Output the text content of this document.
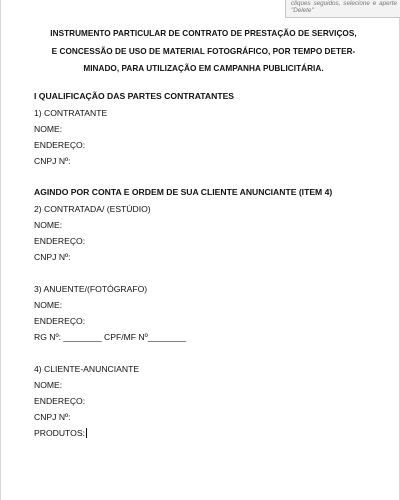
cliques seguidos, selecione e aperte "Delete"
INSTRUMENTO PARTICULAR DE CONTRATO DE PRESTAÇÃO DE SERVIÇOS,
E CONCESSÃO DE USO DE MATERIAL FOTOGRÁFICO, POR TEMPO DETER-
MINADO, PARA UTILIZAÇÃO EM CAMPANHA PUBLICITÁRIA.
I QUALIFICAÇÃO DAS PARTES CONTRATANTES
1) CONTRATANTE
NOME:
ENDEREÇO:
CNPJ Nº:
AGINDO POR CONTA E ORDEM DE SUA CLIENTE ANUNCIANTE (ITEM 4)
2) CONTRATADA/ (ESTÚDIO)
NOME:
ENDEREÇO:
CNPJ Nº:
3) ANUENTE/(FOTÓGRAFO)
NOME:
ENDEREÇO:
RG Nº: ________ CPF/MF Nº________
4) CLIENTE-ANUNCIANTE
NOME:
ENDEREÇO:
CNPJ Nº:
PRODUTOS:
